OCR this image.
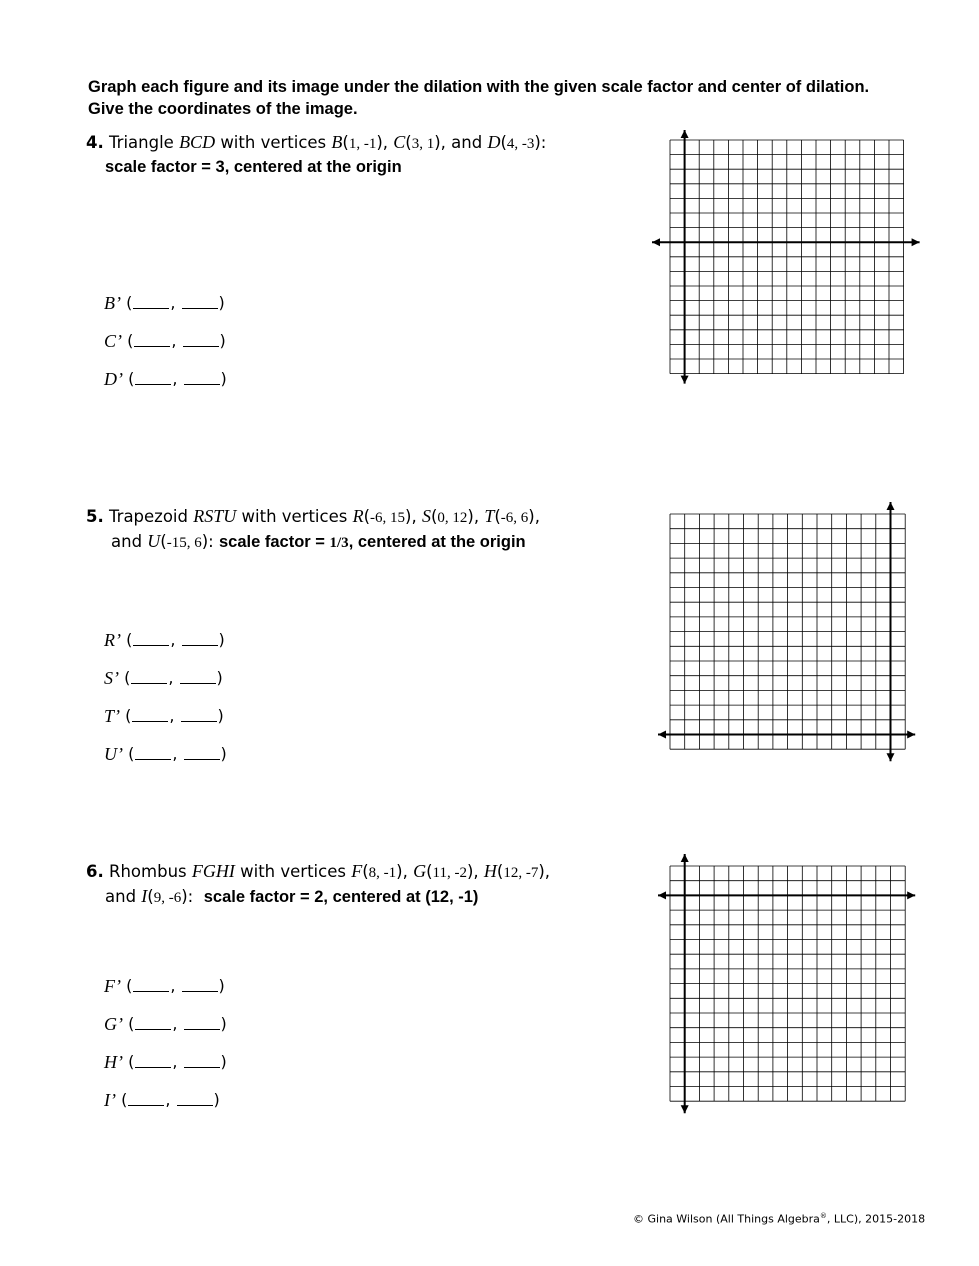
Graph each figure and its image under the dilation with the given scale factor and center of dilation. Give the coordinates of the image.
4. Triangle BCD with vertices B(1, -1), C(3, 1), and D(4, -3):
scale factor = 3, centered at the origin
B’ ( ,
)
C’ ( ,
)
D’ ( ,
)
5. Trapezoid RSTU with vertices R(-6, 15), S(0, 12), T(-6, 6),
and U(-15, 6): scale factor = 1/3, centered at the origin
R’ ( ,
)
S’ ( ,
)
T’ ( ,
)
U’ ( ,
)
6. Rhombus FGHI with vertices F(8, -1), G(11, -2), H(12, -7),
and I(9, -6):  scale factor = 2, centered at (12, -1)
F’ ( ,
)
G’ ( ,
)
H’ ( ,
)
I’ ( ,
)
© Gina Wilson (All Things Algebra®, LLC), 2015-2018
